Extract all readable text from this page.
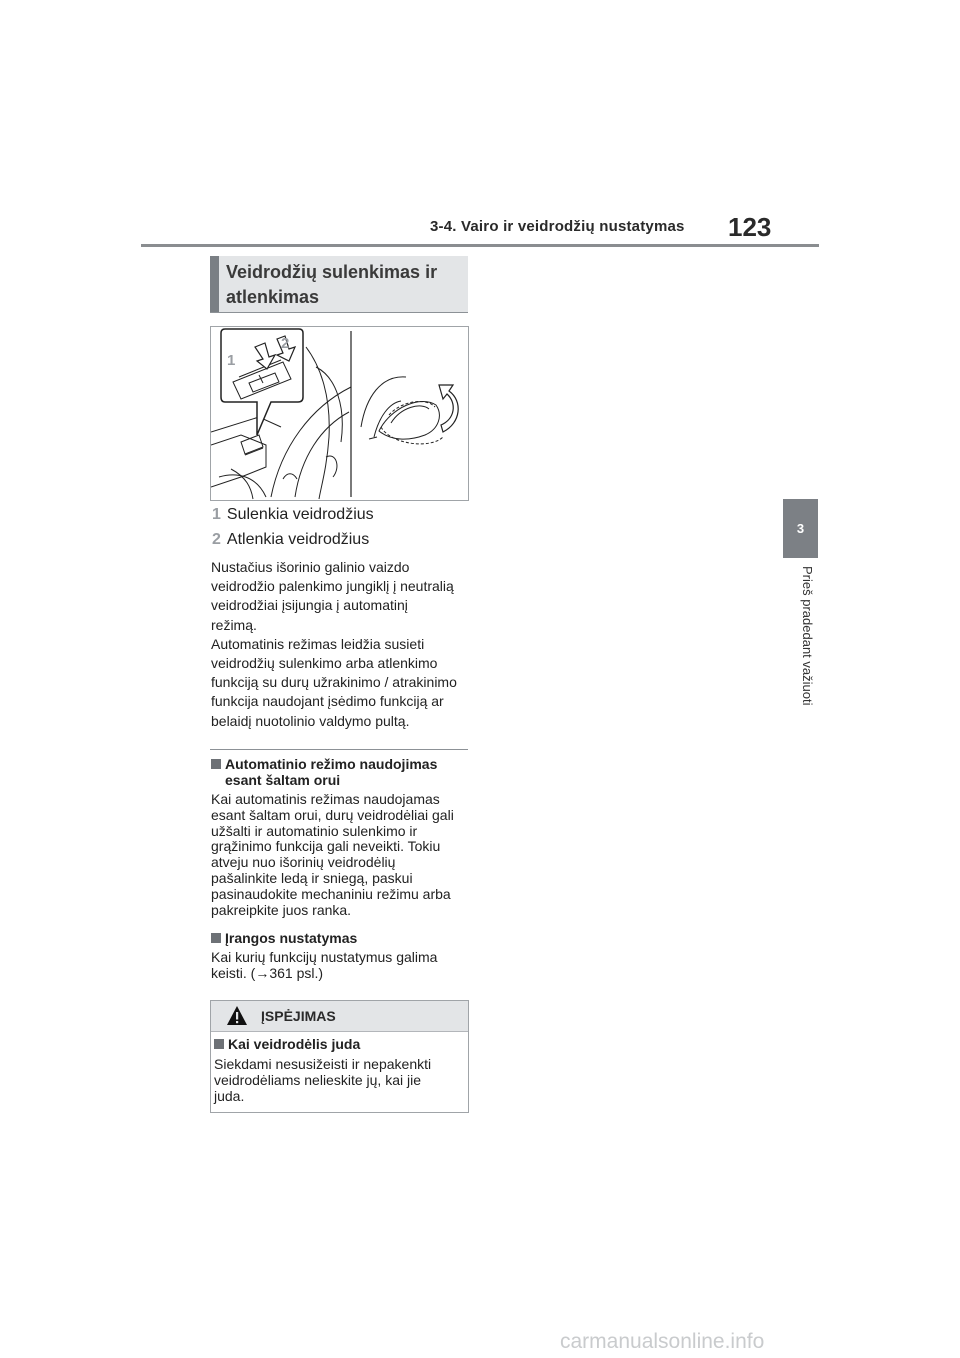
3-4. Vairo ir veidrodžių nustatymas 123
3
Prieš pradedant važiuoti
Veidrodžių sulenkimas ir atlenkimas
1
2
1 Sulenkia veidrodžius
2 Atlenkia veidrodžius
Nustačius išorinio galinio vaizdo
veidrodžio palenkimo jungiklį į neutralią
veidrodžiai įsijungia į automatinį
režimą.
Automatinis režimas leidžia susieti
veidrodžių sulenkimo arba atlenkimo
funkciją su durų užrakinimo / atrakinimo
funkcija naudojant įsėdimo funkciją ar
belaidį nuotolinio valdymo pultą.
Automatinio režimo naudojimas
esant šaltam orui
Kai automatinis režimas naudojamas
esant šaltam orui, durų veidrodėliai gali
užšalti ir automatinio sulenkimo ir
grąžinimo funkcija gali neveikti. Tokiu
atveju nuo išorinių veidrodėlių
pašalinkite ledą ir sniegą, paskui
pasinaudokite mechaniniu režimu arba
pakreipkite juos ranka.
Įrangos nustatymas
Kai kurių funkcijų nustatymus galima
keisti. (→361 psl.)
ĮSPĖJIMAS
Kai veidrodėlis juda
Siekdami nesusižeisti ir nepakenkti
veidrodėliams nelieskite jų, kai jie
juda.
carmanualsonline.info
